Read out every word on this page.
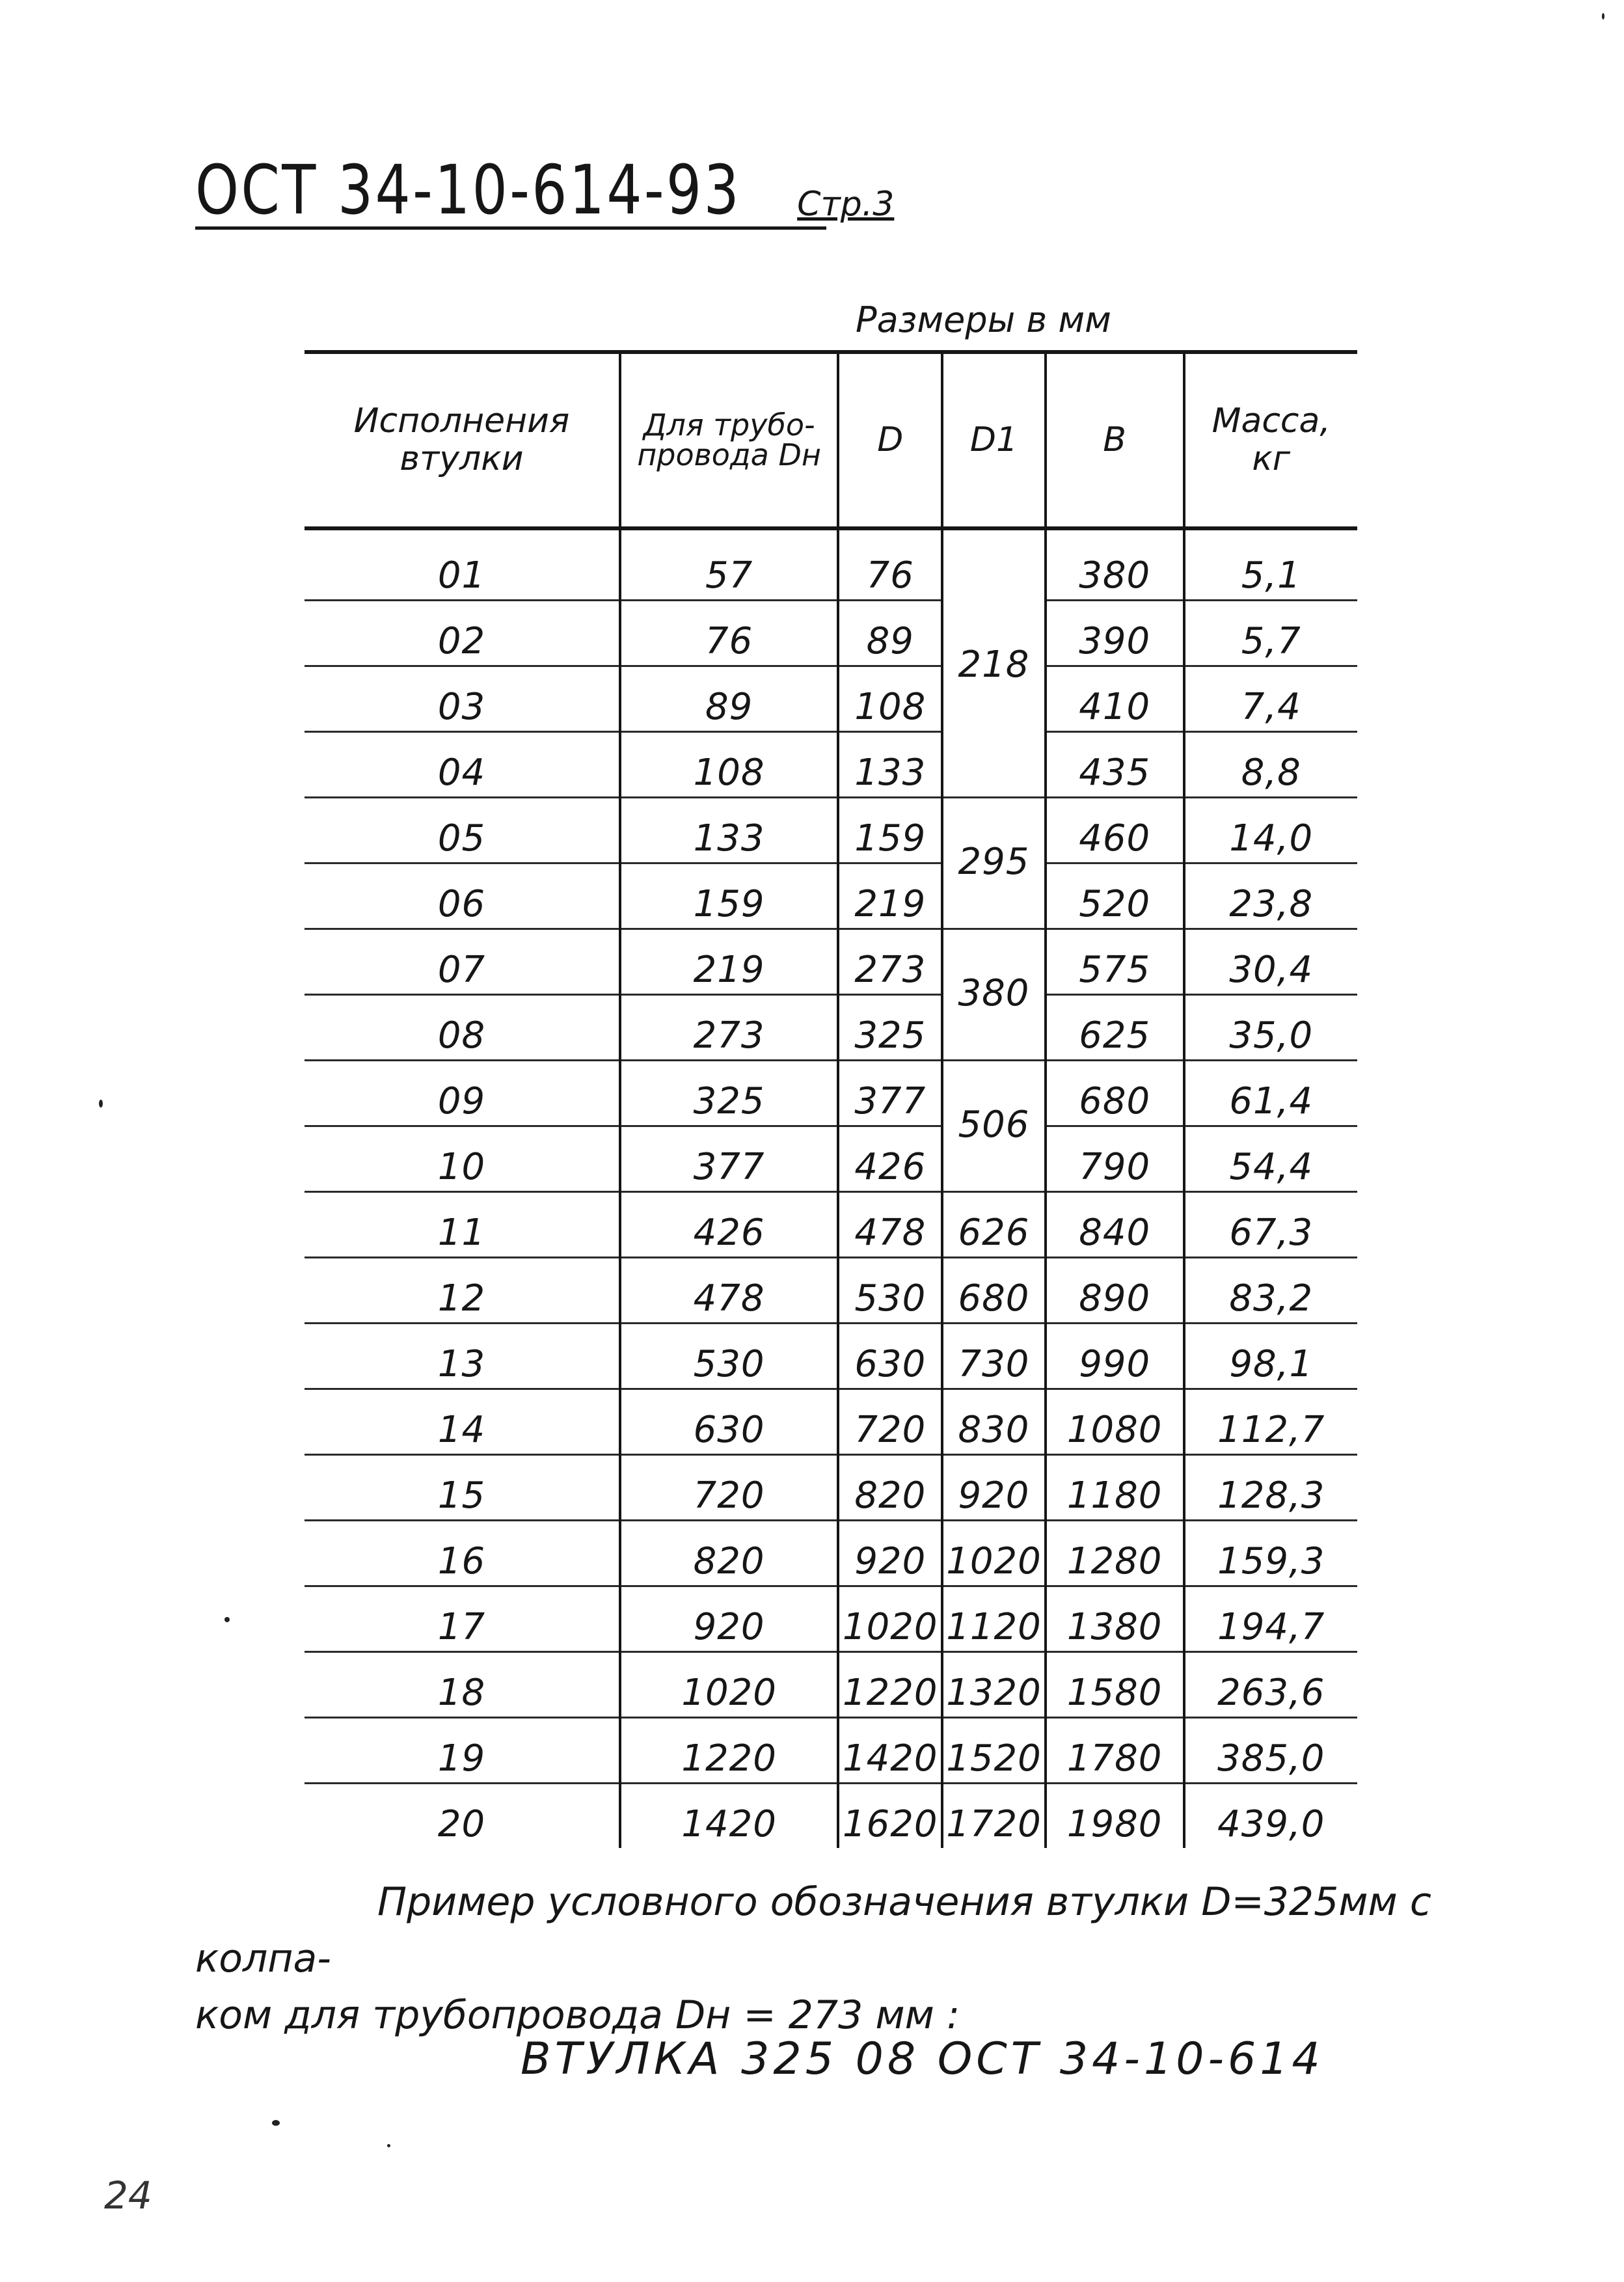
ОСТ 34-10-614-93 Стр.3
Размеры в мм
Исполнения втулки	Для трубо-провода Dн	D	D1	В	Масса, кг
01	57	76	218	380	5,1
02	76	89		390	5,7
03	89	108		410	7,4
04	108	133		435	8,8
05	133	159	295	460	14,0
06	159	219		520	23,8
07	219	273	380	575	30,4
08	273	325		625	35,0
09	325	377	506	680	61,4
10	377	426		790	54,4
11	426	478	626	840	67,3
12	478	530	680	890	83,2
13	530	630	730	990	98,1
14	630	720	830	1080	112,7
15	720	820	920	1180	128,3
16	820	920	1020	1280	159,3
17	920	1020	1120	1380	194,7
18	1020	1220	1320	1580	263,6
19	1220	1420	1520	1780	385,0
20	1420	1620	1720	1980	439,0
Пример условного обозначения втулки D=325мм с колпа-
ком для трубопровода Dн = 273 мм :
ВТУЛКА 325 08 ОСТ 34-10-614
24
